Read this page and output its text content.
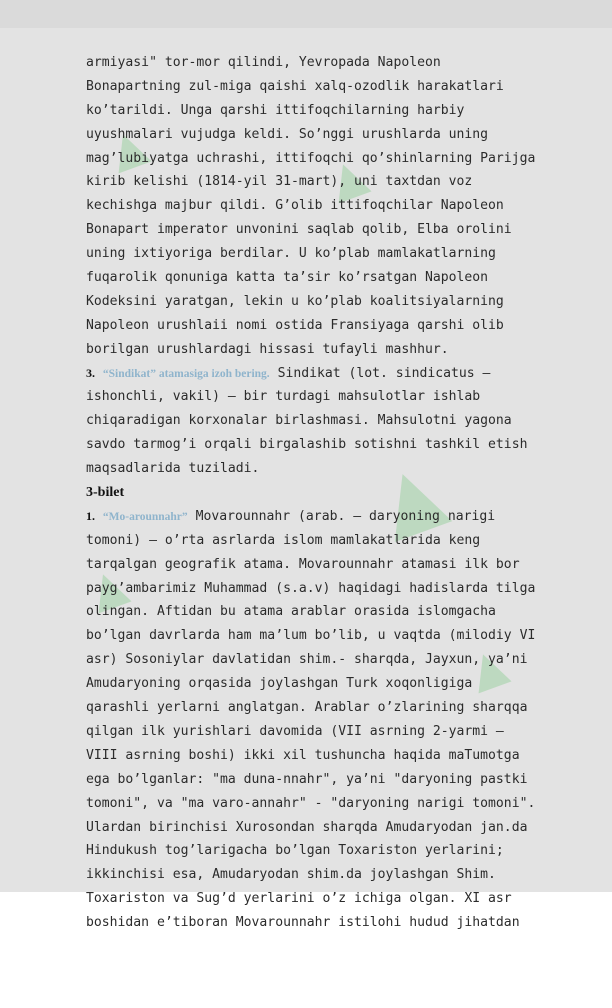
▲	▲
▲
▲
▲
armiyasi" tor-mor qilindi, Yevropada Napoleon
Bonapartning zul-miga qaishi xalq-ozodlik harakatlari
ko’tarildi. Unga qarshi ittifoqchilarning harbiy
uyushmalari vujudga keldi. So’nggi urushlarda uning
mag’lubiyatga uchrashi, ittifoqchi qo’shinlarning Parijga
kirib kelishi (1814-yil 31-mart), uni taxtdan voz
kechishga majbur qildi. G’olib ittifoqchilar Napoleon
Bonapart imperator unvonini saqlab qolib, Elba orolini
uning ixtiyoriga berdilar. U ko’plab mamlakatlarning
fuqarolik qonuniga katta ta’sir ko’rsatgan Napoleon
Kodeksini yaratgan, lekin u ko’plab koalitsiyalarning
Napoleon urushlaii nomi ostida Fransiyaga qarshi olib
borilgan urushlardagi hissasi tufayli mashhur.
3. “Sindikat” atamasiga izoh bering. Sindikat (lot. sindicatus –
ishonchli, vakil) — bir turdagi mahsulotlar ishlab
chiqaradigan korxonalar birlashmasi. Mahsulotni yagona
savdo tarmog’i orqali birgalashib sotishni tashkil etish
maqsadlarida tuziladi.
3-bilet
1. “Mo-arounnahr” Movarounnahr (arab. — daryoning narigi
tomoni) — o’rta asrlarda islom mamlakatlarida keng
tarqalgan geografik atama. Movarounnahr atamasi ilk bor
payg’ambarimiz Muhammad (s.a.v) haqidagi hadislarda tilga
olingan. Aftidan bu atama arablar orasida islomgacha
bo’lgan davrlarda ham ma’lum bo’lib, u vaqtda (milodiy VI
asr) Sosoniylar davlatidan shim.- sharqda, Jayxun, ya’ni
Amudaryoning orqasida joylashgan Turk xoqonligiga
qarashli yerlarni anglatgan. Arablar o’zlarining sharqqa
qilgan ilk yurishlari davomida (VII asrning 2-yarmi –
VIII asrning boshi) ikki xil tushuncha haqida maTumotga
ega bo’lganlar: "ma duna-nnahr", ya’ni "daryoning pastki
tomoni", va "ma varo-annahr" - "daryoning narigi tomoni".
Ulardan birinchisi Xurosondan sharqda Amudaryodan jan.da
Hindukush tog’larigacha bo’lgan Toxariston yerlarini;
ikkinchisi esa, Amudaryodan shim.da joylashgan Shim.
Toxariston va Sug’d yerlarini o’z ichiga olgan. XI asr
boshidan e’tiboran Movarounnahr istilohi hudud jihatdan
